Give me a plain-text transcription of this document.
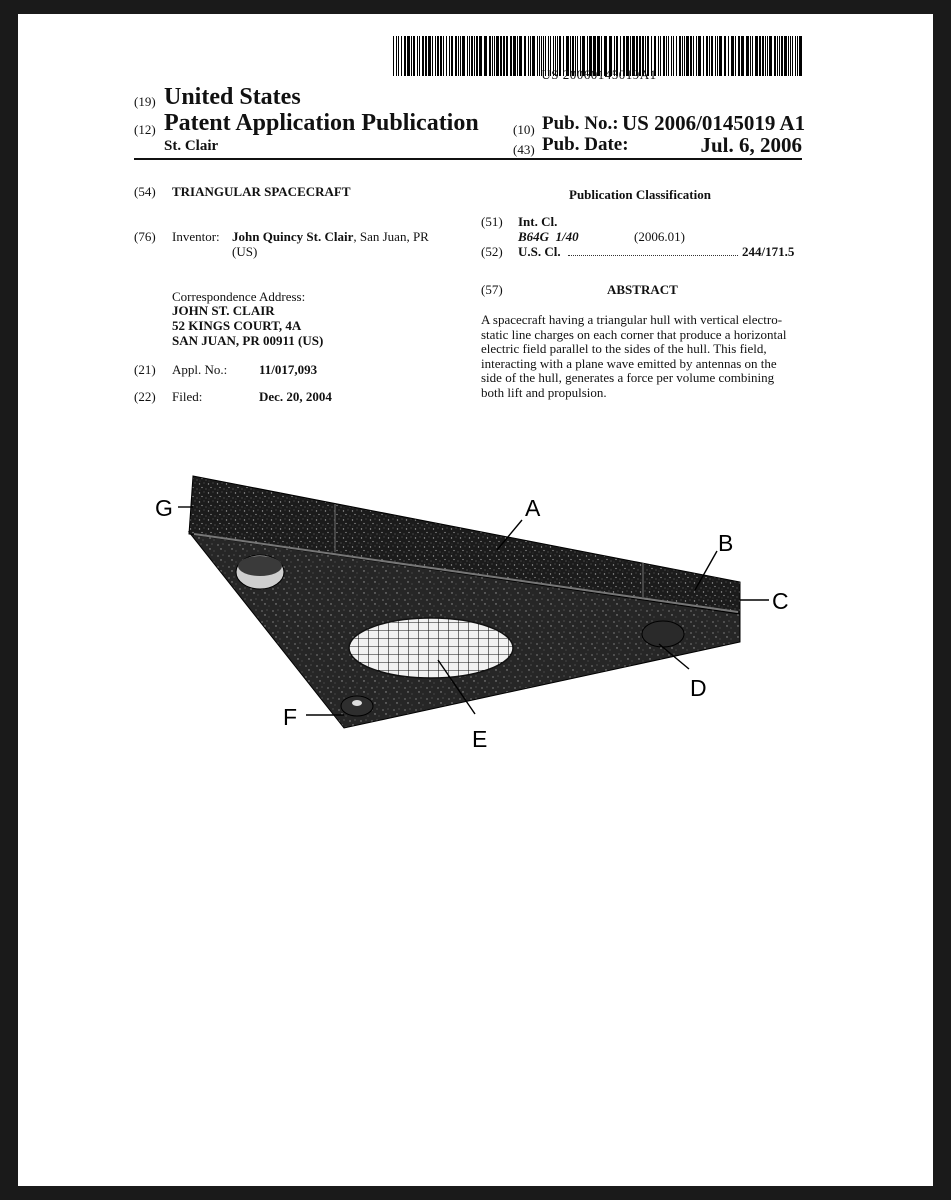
US 20060145019A1
(19) United States
(12) Patent Application Publication
St. Clair
(10) Pub. No.: US 2006/0145019 A1
(43) Pub. Date:	Jul. 6, 2006
(54) TRIANGULAR SPACECRAFT
(76) Inventor: John Quincy St. Clair, San Juan, PR
(US)
Correspondence Address:
JOHN ST. CLAIR
52 KINGS COURT, 4A
SAN JUAN, PR 00911 (US)
(21) Appl. No.: 11/017,093
(22) Filed:	Dec. 20, 2004
Publication Classification
(51) Int. Cl.
B64G  1/40	(2006.01)
(52) U.S. Cl.	244/171.5
(57)	ABSTRACT
A spacecraft having a triangular hull with vertical electro-
static line charges on each corner that produce a horizontal
electric field parallel to the sides of the hull. This field,
interacting with a plane wave emitted by antennas on the
side of the hull, generates a force per volume combining
both lift and propulsion.
G	A
B
C
D
E
F
